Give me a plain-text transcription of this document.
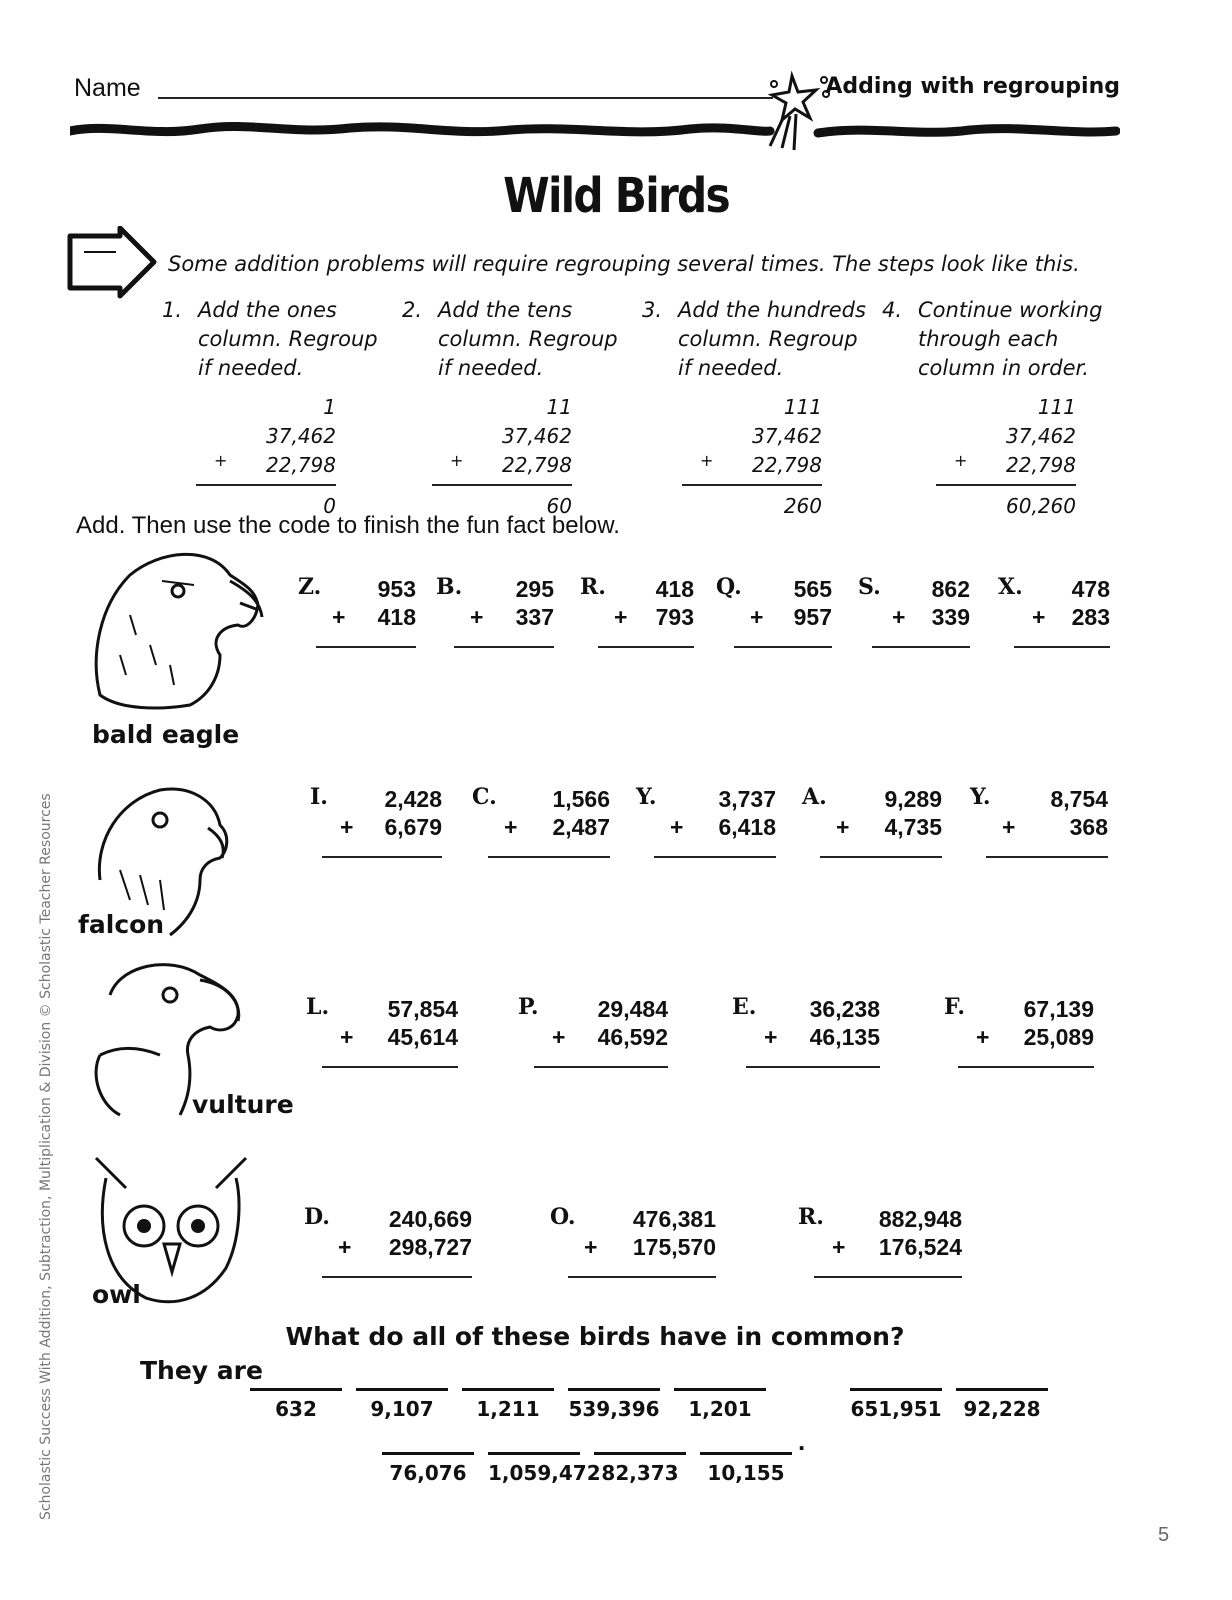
Name	Adding with regrouping
Wild Birds
Some addition problems will require regrouping several times. The steps look like this.
1. Add the ones column. Regroup if needed.
2. Add the tens column. Regroup if needed.
3. Add the hundreds column. Regroup if needed.
4. Continue working through each column in order.
1
37,462
22,798
+
0
11
37,462
22,798
+
60
111
37,462
22,798
+
260
111
37,462
22,798
+
60,260
Add. Then use the code to finish the fun fact below.
bald eagle
falcon
vulture
owl
Z. 953
+ 418
B. 295
+ 337
R. 418
+ 793
Q. 565
+ 957
S. 862
+ 339
X. 478
+ 283
I. 2,428
+ 6,679
C. 1,566
+ 2,487
Y.	3,737
+ 6,418
A.	9,289
+ 4,735
Y.	8,754
+ 368
L.	57,854
+ 45,614
P.	29,484
+ 46,592
E. 36,238
+ 46,135
F.	67,139
+ 25,089
D.	240,669
+ 298,727
O. 476,381
+ 175,570
R. 882,948
+ 176,524
What do all of these birds have in common?
They are
632	9,107	1,211	539,396	1,201	651,951	92,228
76,076	1,059,472 82,373	10,155
.
Scholastic Success With Addition, Subtraction, Multiplication & Division © Scholastic Teacher Resources
5
